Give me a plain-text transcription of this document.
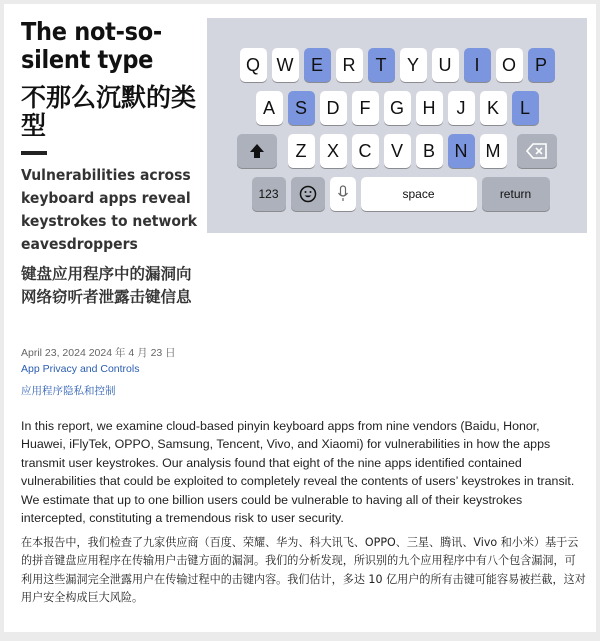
The not-so-silent type
不那么沉默的类型
Vulnerabilities across keyboard apps reveal keystrokes to network eavesdroppers
键盘应用程序中的漏洞向网络窃听者泄露击键信息
April 23, 2024 2024 年 4 月 23 日
App Privacy and Controls
应用程序隐私和控制

In this report, we examine cloud-based pinyin keyboard apps from nine vendors (Baidu, Honor, Huawei, iFlyTek, OPPO, Samsung, Tencent, Vivo, and Xiaomi) for vulnerabilities in how the apps transmit user keystrokes. Our analysis found that eight of the nine apps identified contained vulnerabilities that could be exploited to completely reveal the contents of users’ keystrokes in transit. We estimate that up to one billion users could be vulnerable to having all of their keystrokes intercepted, constituting a tremendous risk to user security.

在本报告中，我们检查了九家供应商（百度、荣耀、华为、科大讯飞、OPPO、三星、腾讯、Vivo 和小米）基于云的拼音键盘应用程序在传输用户击键方面的漏洞。我们的分析发现，所识别的九个应用程序中有八个包含漏洞，可利用这些漏洞完全泄露用户在传输过程中的击键内容。我们估计，多达 10 亿用户的所有击键可能容易被拦截，这对用户安全构成巨大风险。

Q W E	R	T	Y	U	I	O	P
A	S	D	F	G	H	J	K	L
Z	X	C	V	B	N	M
123	space	return
